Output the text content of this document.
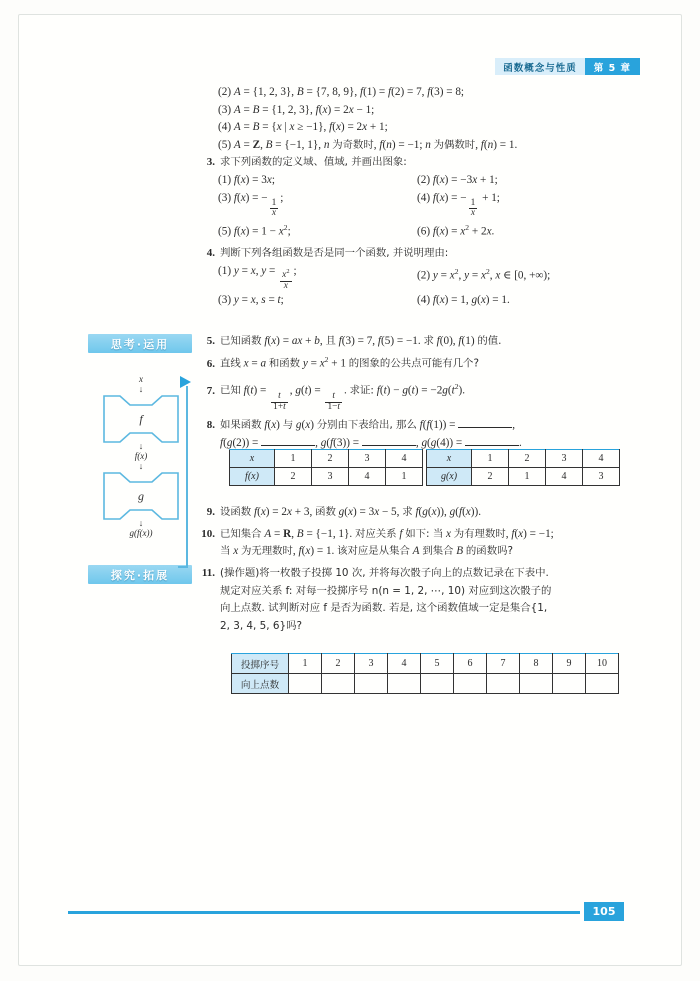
函数概念与性质	第 5 章
思考·运用
探究·拓展
x
↓
f
↓
f(x)
↓
g
↓
g(f(x))
(2) A = {1, 2, 3}, B = {7, 8, 9}, f(1) = f(2) = 7, f(3) = 8;
(3) A = B = {1, 2, 3}, f(x) = 2x − 1;
(4) A = B = {x | x ≥ −1}, f(x) = 2x + 1;
(5) A = Z, B = {−1, 1}, n 为奇数时, f(n) = −1; n 为偶数时, f(n) = 1.
3. 求下列函数的定义域、值域, 并画出图象:
(1) f(x) = 3x;	(2) f(x) = −3x + 1;
(3) f(x) = −
$\frac{1}{x}$
;	(4) f(x) = −
$\frac{1}{x}$
+ 1;
(5) $f(x) = 1 - x^2$;	(6) $f(x) = x^2 + 2x$.
4. 判断下列各组函数是否是同一个函数, 并说明理由:
(1) y = x, $y = \frac{x^2}{x}$ ;	(2) $y = x^2$, $y = x^2$, x ∈ [0, +∞);
(3) y = x, s = t;	(4) f(x) = 1, g(x) = 1.
5. 已知函数 f(x) = ax + b, 且 f(3) = 7, f(5) = −1. 求 f(0), f(1) 的值.
6. 直线 x = a 和函数 $y = x^2 + 1$ 的图象的公共点可能有几个?
7. 已知 f(t) =
$\frac{t}{1+t}$
, g(t) =
$\frac{t}{1-t}$
. 求证: $f(t) - g(t) = -2g(t^2)$.
8. 如果函数 f(x) 与 g(x) 分别由下表给出, 那么 f(f(1)) =	,
f(g(2)) =	, g(f(3)) =	, g(g(4)) =	.
9. 设函数 f(x) = 2x + 3, 函数 g(x) = 3x − 5, 求 f(g(x)), g(f(x)).
10. 已知集合 A = R, B = {−1, 1}. 对应关系 f 如下: 当 x 为有理数时, f(x) = −1;
当 x 为无理数时, f(x) = 1. 该对应是从集合 A 到集合 B 的函数吗?
11. (操作题)将一枚骰子投掷 10 次, 并将每次骰子向上的点数记录在下表中.
规定对应关系 f: 对每一投掷序号 n(n = 1, 2, ⋯, 10) 对应到这次骰子的
向上点数. 试判断对应 f 是否为函数. 若是, 这个函数值域一定是集合{1,
2, 3, 4, 5, 6}吗?
x	1	2	3	4
f(x)	2	3	4	1
x	1	2	3	4
g(x)	2	1	4	3
投掷序号	1	2	3	4	5	6	7	8	9	10
向上点数										
105
